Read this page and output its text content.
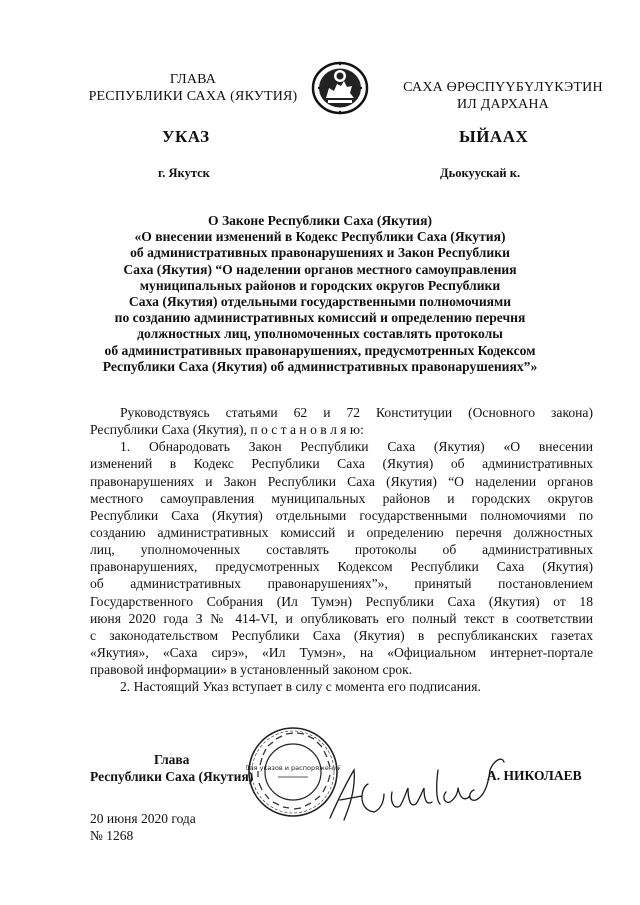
ГЛАВА
РЕСПУБЛИКИ САХА (ЯКУТИЯ)
САХА ӨРӨСПҮҮБҮЛҮКЭТИН
ИЛ ДАРХАНА
УКАЗ	ЫЙААХ
г. Якутск	Дьокуускай к.
О Законе Республики Саха (Якутия)
«О внесении изменений в Кодекс Республики Саха (Якутия)
об административных правонарушениях и Закон Республики
Саха (Якутия) “О наделении органов местного самоуправления
муниципальных районов и городских округов Республики
Саха (Якутия) отдельными государственными полномочиями
по созданию административных комиссий и определению перечня
должностных лиц, уполномоченных составлять протоколы
об административных правонарушениях, предусмотренных Кодексом
Республики Саха (Якутия) об административных правонарушениях”»
Руководствуясь статьями 62 и 72 Конституции (Основного закона)
Республики Саха (Якутия), п о с т а н о в л я ю:
1. Обнародовать Закон Республики Саха (Якутия) «О внесении
изменений в Кодекс Республики Саха (Якутия) об административных
правонарушениях и Закон Республики Саха (Якутия) “О наделении органов
местного самоуправления муниципальных районов и городских округов
Республики Саха (Якутия) отдельными государственными полномочиями по
созданию административных комиссий и определению перечня должностных
лиц, уполномоченных составлять протоколы об административных
правонарушениях, предусмотренных Кодексом Республики Саха (Якутия)
об административных правонарушениях”», принятый постановлением
Государственного Собрания (Ил Тумэн) Республики Саха (Якутия) от 18
июня 2020 года З № 414-VI, и опубликовать его полный текст в соответствии
с законодательством Республики Саха (Якутия) в республиканских газетах
«Якутия», «Саха сирэ», «Ил Тумэн», на «Официальном интернет-портале
правовой информации» в установленный законом срок.
2. Настоящий Указ вступает в силу с момента его подписания.
Глава
Республики Саха (Якутия)
Для указов и распоряжений	А. НИКОЛАЕВ
20 июня 2020 года
№ 1268
